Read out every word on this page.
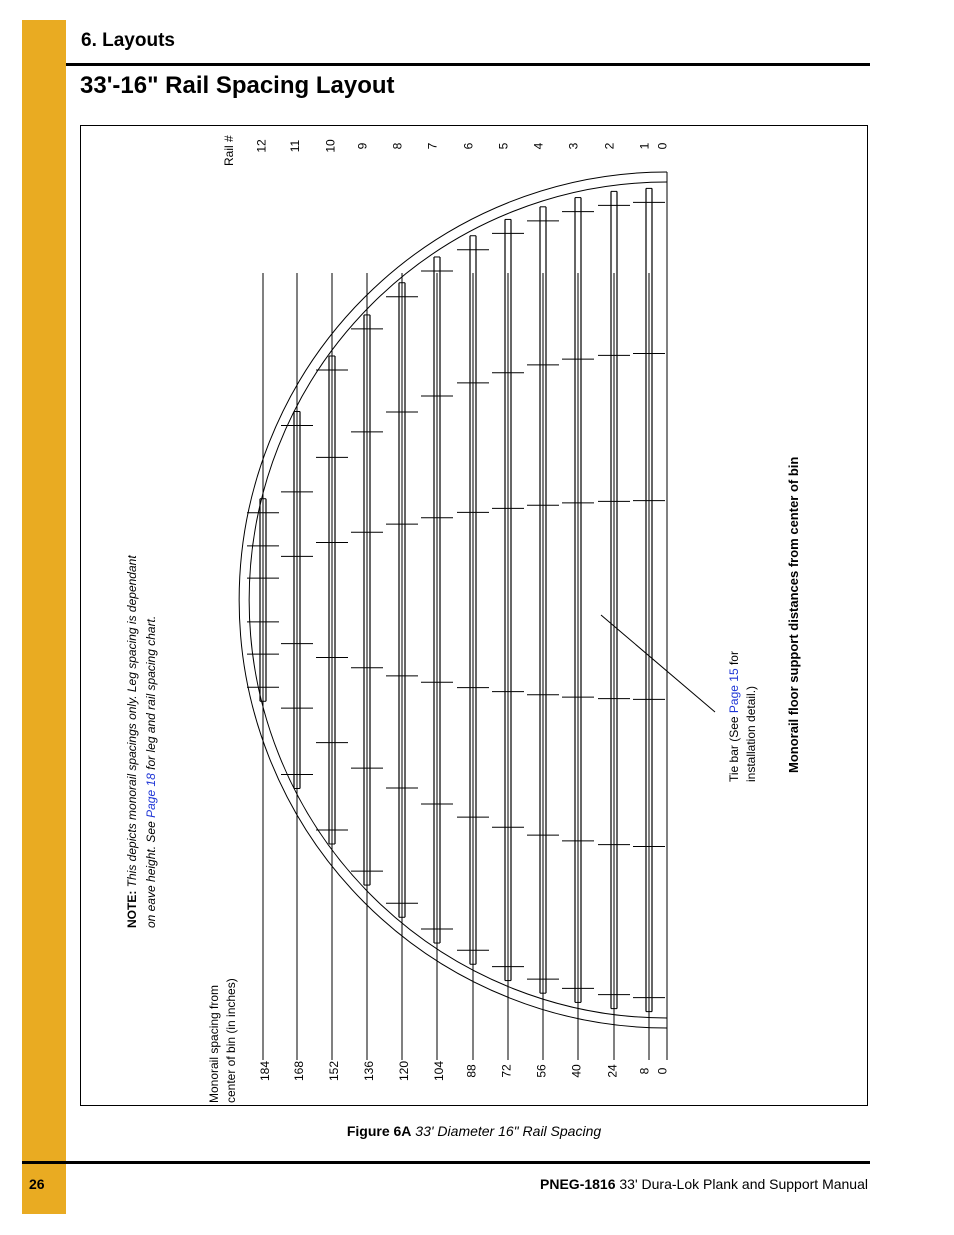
6. Layouts
33'-16" Rail Spacing Layout
NOTE: This depicts monorail spacings only. Leg spacing is dependant on eave height. See Page 18 for leg and rail spacing chart.
Monorail spacing from center of bin (in inches)
Rail #
Tie bar (See Page 15 for
installation detail.) Monorail floor support distances from center of bin
12
184
11
168
10
152
9
136
8
120
7
104
6
88
5
72
4
56
3
40
2
24
1
8
0
0
Figure 6A 33' Diameter 16" Rail Spacing
26	PNEG-1816 33' Dura-Lok Plank and Support Manual
